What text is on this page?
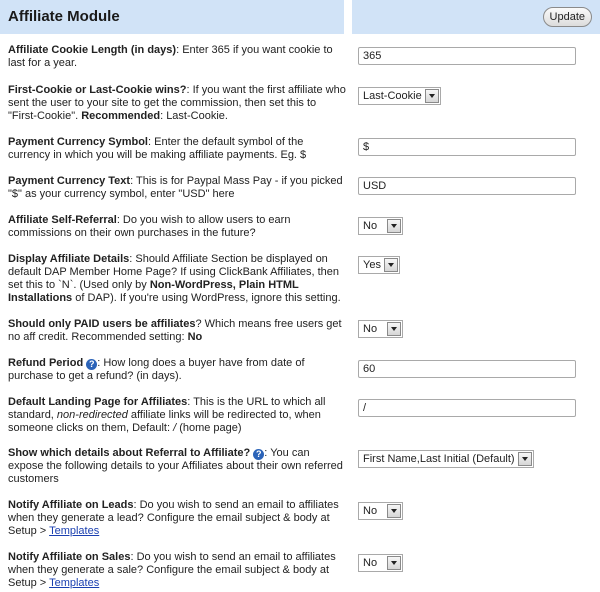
Affiliate Module	Update
Affiliate Cookie Length (in days): Enter 365 if you want cookie to last for a year.
365
First-Cookie or Last-Cookie wins?: If you want the first affiliate who sent the user to your site to get the commission, then set this to "First-Cookie". Recommended: Last-Cookie.
Last-Cookie
Payment Currency Symbol: Enter the default symbol of the currency in which you will be making affiliate payments. Eg. $
$
Payment Currency Text: This is for Paypal Mass Pay - if you picked "$" as your currency symbol, enter "USD" here
USD
Affiliate Self-Referral: Do you wish to allow users to earn commissions on their own purchases in the future?
No
Display Affiliate Details: Should Affiliate Section be displayed on default DAP Member Home Page? If using ClickBank Affiliates, then set this to `N`. (Used only by Non-WordPress, Plain HTML Installations of DAP). If you're using WordPress, ignore this setting.
Yes
Should only PAID users be affiliates? Which means free users get no aff credit. Recommended setting: No
No
Refund Period ? : How long does a buyer have from date of purchase to get a refund? (in days).
60
Default Landing Page for Affiliates: This is the URL to which all standard, non-redirected affiliate links will be redirected to, when someone clicks on them, Default: / (home page)
/
Show which details about Referral to Affiliate? ? : You can expose the following details to your Affiliates about their own referred customers
First Name,Last Initial (Default)
Notify Affiliate on Leads: Do you wish to send an email to affiliates when they generate a lead? Configure the email subject & body at Setup > Templates
No
Notify Affiliate on Sales: Do you wish to send an email to affiliates when they generate a sale? Configure the email subject & body at Setup > Templates
No
